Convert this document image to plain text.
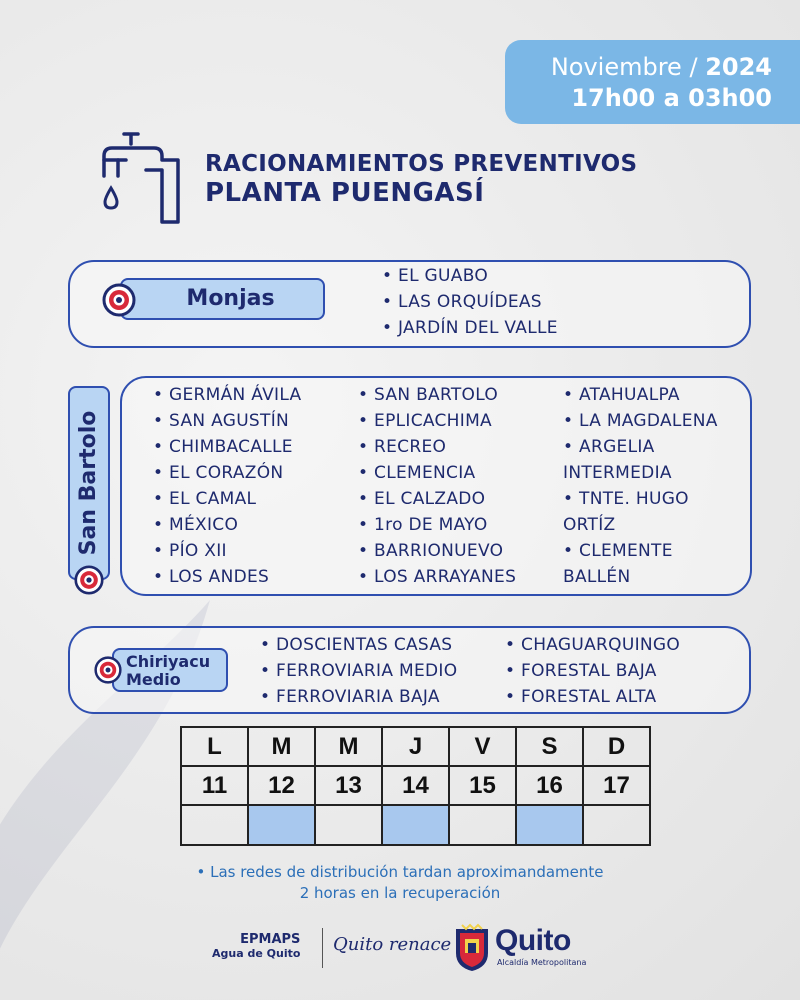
Noviembre / 2024
17h00 a 03h00
RACIONAMIENTOS PREVENTIVOS
PLANTA PUENGASÍ
Monjas
• EL GUABO
• LAS ORQUÍDEAS
• JARDÍN DEL VALLE
San Bartolo
• GERMÁN ÁVILA
• SAN AGUSTÍN
• CHIMBACALLE
• EL CORAZÓN
• EL CAMAL
• MÉXICO
• PÍO XII
• LOS ANDES
• SAN BARTOLO
• EPLICACHIMA
• RECREO
• CLEMENCIA
• EL CALZADO
• 1ro DE MAYO
• BARRIONUEVO
• LOS ARRAYANES
• ATAHUALPA
• LA MAGDALENA
• ARGELIA
INTERMEDIA
• TNTE. HUGO
ORTÍZ
• CLEMENTE
BALLÉN
Chiriyacu
Medio
• DOSCIENTAS CASAS
• FERROVIARIA MEDIO
• FERROVIARIA BAJA
• CHAGUARQUINGO
• FORESTAL BAJA
• FORESTAL ALTA
L	M	M	J	V	S	D
11	12	13	14	15	16	17

• Las redes de distribución tardan aproximandamente
2 horas en la recuperación
EPMAPS
Agua de Quito Quito renace Quito
Alcaldía Metropolitana
